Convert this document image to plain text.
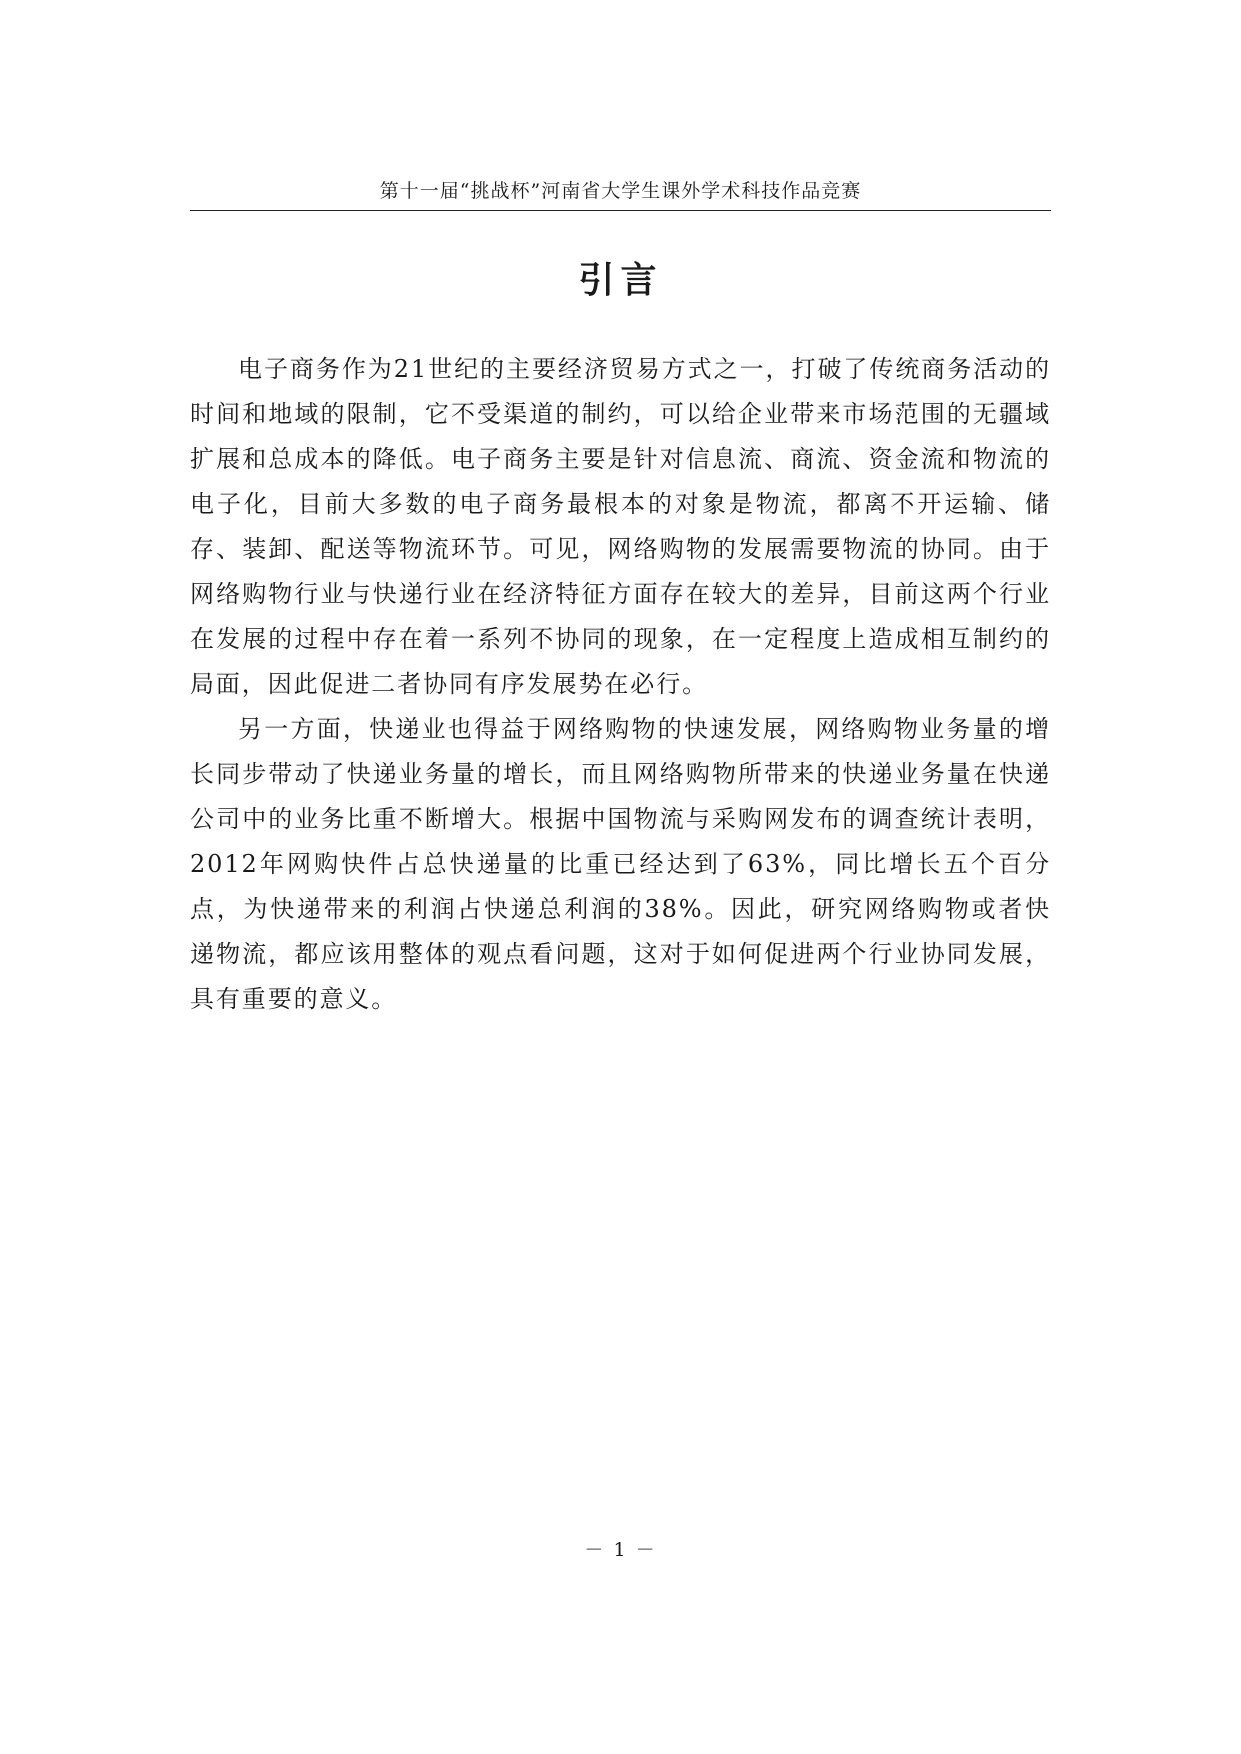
第十一届“挑战杯”河南省大学生课外学术科技作品竞赛
引言

电子商务作为21世纪的主要经济贸易方式之一，打破了传统商务活动的时间和地域的限制，它不受渠道的制约，可以给企业带来市场范围的无疆域扩展和总成本的降低。电子商务主要是针对信息流、商流、资金流和物流的电子化，目前大多数的电子商务最根本的对象是物流，都离不开运输、储存、装卸、配送等物流环节。可见，网络购物的发展需要物流的协同。由于网络购物行业与快递行业在经济特征方面存在较大的差异，目前这两个行业在发展的过程中存在着一系列不协同的现象，在一定程度上造成相互制约的局面，因此促进二者协同有序发展势在必行。

另一方面，快递业也得益于网络购物的快速发展，网络购物业务量的增长同步带动了快递业务量的增长，而且网络购物所带来的快递业务量在快递公司中的业务比重不断增大。根据中国物流与采购网发布的调查统计表明，2012年网购快件占总快递量的比重已经达到了63%，同比增长五个百分点，为快递带来的利润占快递总利润的38%。因此，研究网络购物或者快递物流，都应该用整体的观点看问题，这对于如何促进两个行业协同发展，具有重要的意义。

－ 1 －
